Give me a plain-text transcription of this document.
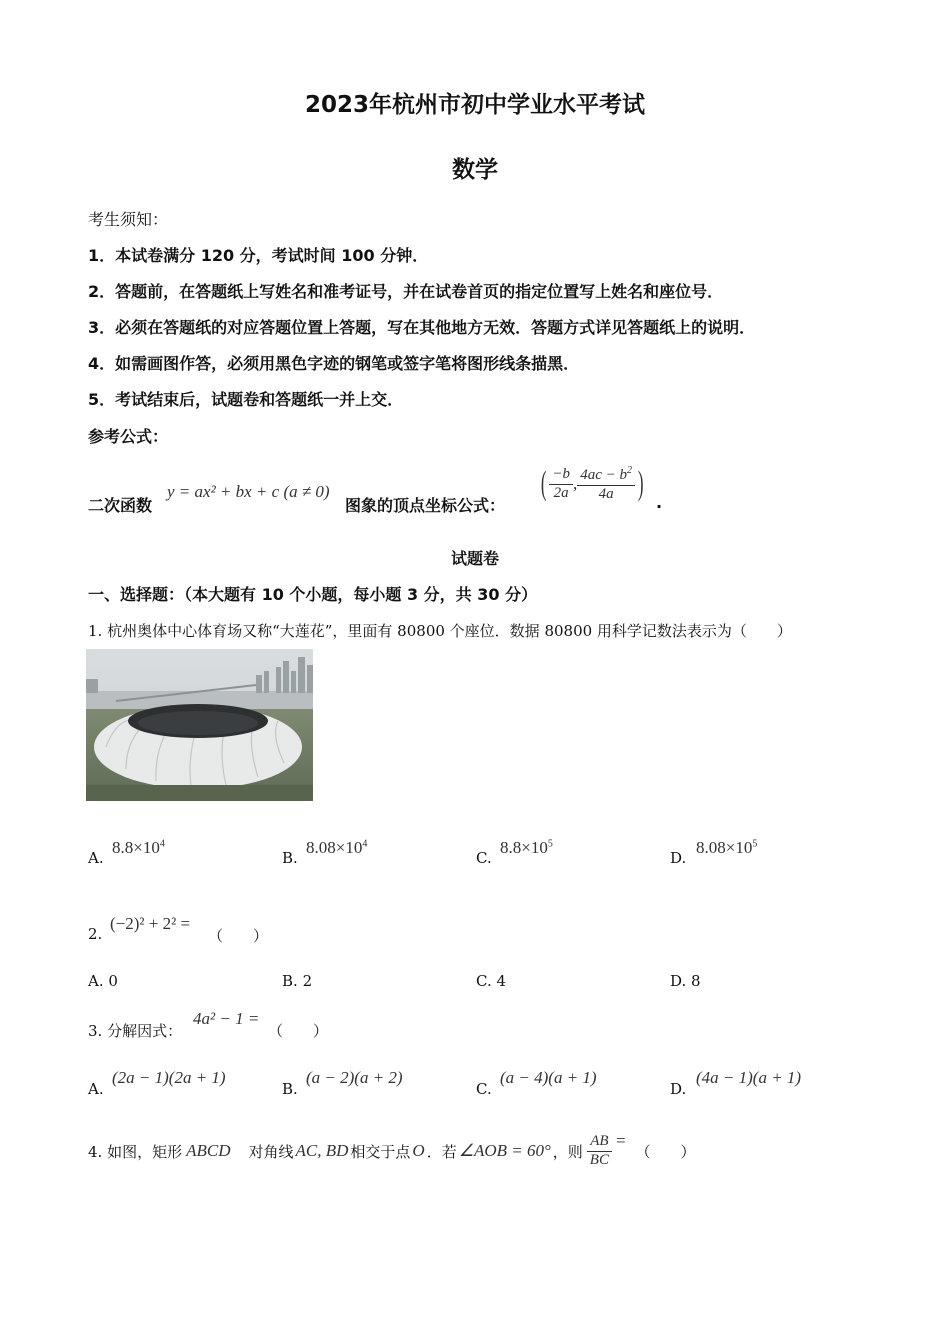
2023年杭州市初中学业水平考试
数学
考生须知：
1．本试卷满分 120 分，考试时间 100 分钟．
2．答题前，在答题纸上写姓名和准考证号，并在试卷首页的指定位置写上姓名和座位号．
3．必须在答题纸的对应答题位置上答题，写在其他地方无效．答题方式详见答题纸上的说明．
4．如需画图作答，必须用黑色字迹的钢笔或签字笔将图形线条描黑．
5．考试结束后，试题卷和答题纸一并上交．
参考公式：
二次函数
y = ax² + bx + c (a ≠ 0)
图象的顶点坐标公式：
( $\frac{-b}{2a}$ , $\frac{4ac - b^2}{4a}$ )
.
试题卷
一、选择题：（本大题有 10 个小题，每小题 3 分，共 30 分）
1. 杭州奥体中心体育场又称“大莲花”，里面有 80800 个座位．数据 80800 用科学记数法表示为（　　）
A.
$8.8\times 10^4$
B.
$8.08\times 10^4$
C.
$8.8\times 10^5$
D.
$8.08\times 10^5$
2.
(−2)² + 2² =
（　　）
A. 0	B. 2	C. 4	D. 8
3. 分解因式：
4a² − 1 =
（　　）
A.
(2a − 1)(2a + 1)
B.
(a − 2)(a + 2)
C.
(a − 4)(a + 1)
D.
(4a − 1)(a + 1)
4. 如图，矩形 ABCD 对角线 AC, BD 相交于点 O ．若 ∠AOB = 60° ，则 $\frac{AB}{BC}$ =
（　　）
